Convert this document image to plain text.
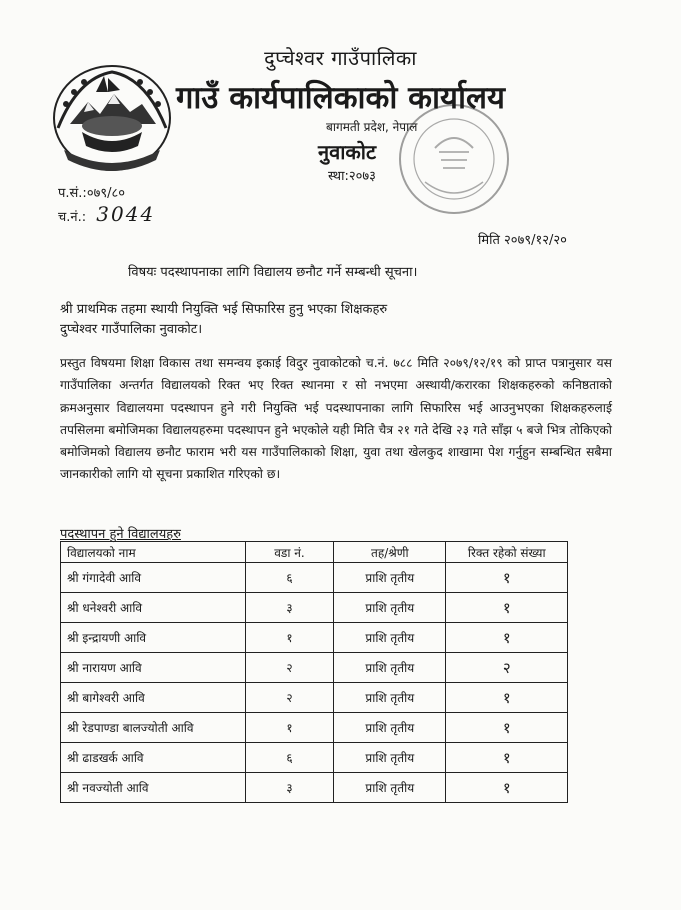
दुप्चेश्वर गाउँपालिका
गाउँ कार्यपालिकाको कार्यालय
बागमती प्रदेश, नेपाल
नुवाकोट
स्था:२०७३
प.सं.:०७९/८०
च.नं.: 3044
मिति २०७९/१२/२०
विषयः पदस्थापनाका लागि विद्यालय छनौट गर्ने सम्बन्धी सूचना।
श्री प्राथमिक तहमा स्थायी नियुक्ति भई सिफारिस हुनु भएका शिक्षकहरु
दुप्चेश्वर गाउँपालिका नुवाकोट।
प्रस्तुत विषयमा शिक्षा विकास तथा समन्वय इकाई विदुर नुवाकोटको च.नं. ७८८ मिति २०७९/१२/१९ को प्राप्त पत्रानुसार यस गाउँपालिका अन्तर्गत विद्यालयको रिक्त भए रिक्त स्थानमा र सो नभएमा अस्थायी/करारका शिक्षकहरुको कनिष्ठताको क्रमअनुसार विद्यालयमा पदस्थापन हुने गरी नियुक्ति भई पदस्थापनाका लागि सिफारिस भई आउनुभएका शिक्षकहरुलाई तपसिलमा बमोजिमका विद्यालयहरुमा पदस्थापन हुने भएकोले यही मिति चैत्र २१ गते देखि २३ गते साँझ ५ बजे भित्र तोकिएको बमोजिमको विद्यालय छनौट फाराम भरी यस गाउँपालिकाको शिक्षा, युवा तथा खेलकुद शाखामा पेश गर्नुहुन सम्बन्धित सबैमा जानकारीको लागि यो सूचना प्रकाशित गरिएको छ।
पदस्थापन हुने विद्यालयहरु
विद्यालयको नाम	वडा नं.	तह/श्रेणी	रिक्त रहेको संख्या
श्री गंगादेवी आवि	६	प्राशि तृतीय	१
श्री धनेश्वरी आवि	३	प्राशि तृतीय	१
श्री इन्द्रायणी आवि	१	प्राशि तृतीय	१
श्री नारायण आवि	२	प्राशि तृतीय	२
श्री बागेश्वरी आवि	२	प्राशि तृतीय	१
श्री रेडपाण्डा बालज्योती आवि	१	प्राशि तृतीय	१
श्री ढाडखर्क आवि	६	प्राशि तृतीय	१
श्री नवज्योती आवि	३	प्राशि तृतीय	१
